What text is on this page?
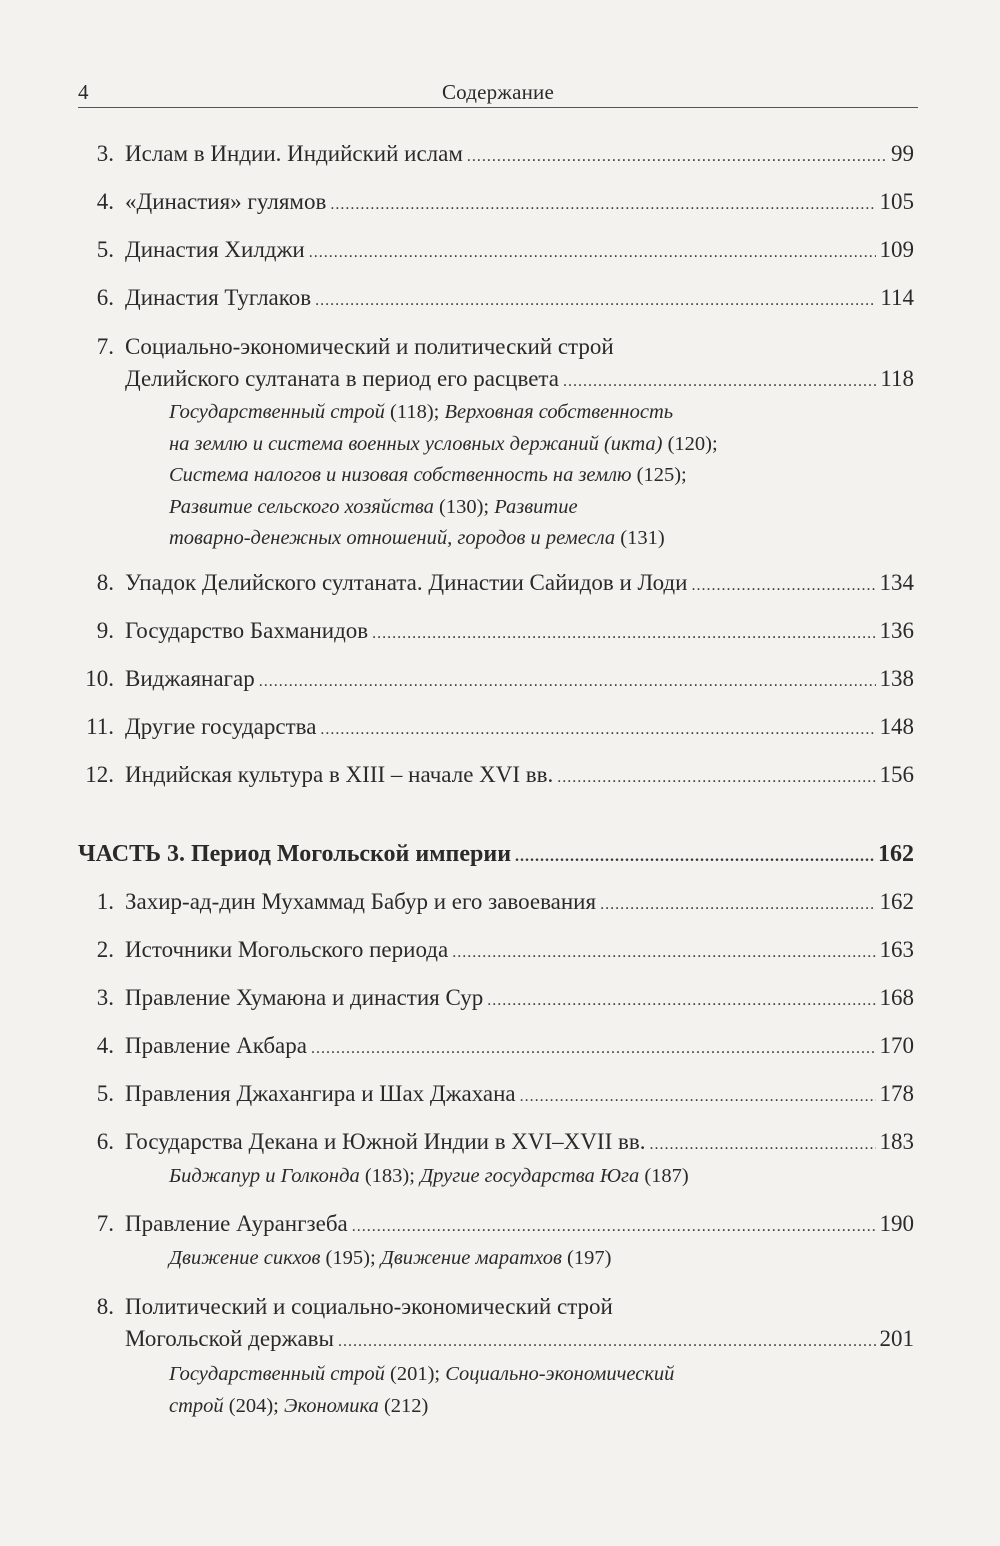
4	Содержание
3. Ислам в Индии. Индийский ислам .....	99
4. «Династия» гулямов .....	105
5. Династия Хилджи .....	109
6. Династия Туглаков .....	114
7. Социально-экономический и политический строй
Делийского султаната в период его расцвета .....	118
Государственный строй (118); Верховная собственность
на землю и система военных условных держаний (икта) (120);
Система налогов и низовая собственность на землю (125);
Развитие сельского хозяйства (130); Развитие
товарно-денежных отношений, городов и ремесла (131)
8. Упадок Делийского султаната. Династии Сайидов и Лоди .....	134
9. Государство Бахманидов .....	136
10. Виджаянагар .....	138
11. Другие государства .....	148
12. Индийская культура в XIII – начале XVI вв. .....	156
ЧАСТЬ 3. Период Могольской империи .....	162
1. Захир-ад-дин Мухаммад Бабур и его завоевания .....	162
2. Источники Могольского периода .....	163
3. Правление Хумаюна и династия Сур .....	168
4. Правление Акбара .....	170
5. Правления Джахангира и Шах Джахана .....	178
6. Государства Декана и Южной Индии в XVI–XVII вв. .....	183
Биджапур и Голконда (183); Другие государства Юга (187)
7. Правление Аурангзеба .....	190
Движение сикхов (195); Движение маратхов (197)
8. Политический и социально-экономический строй
Могольской державы .....	201
Государственный строй (201); Социально-экономический
строй (204); Экономика (212)
